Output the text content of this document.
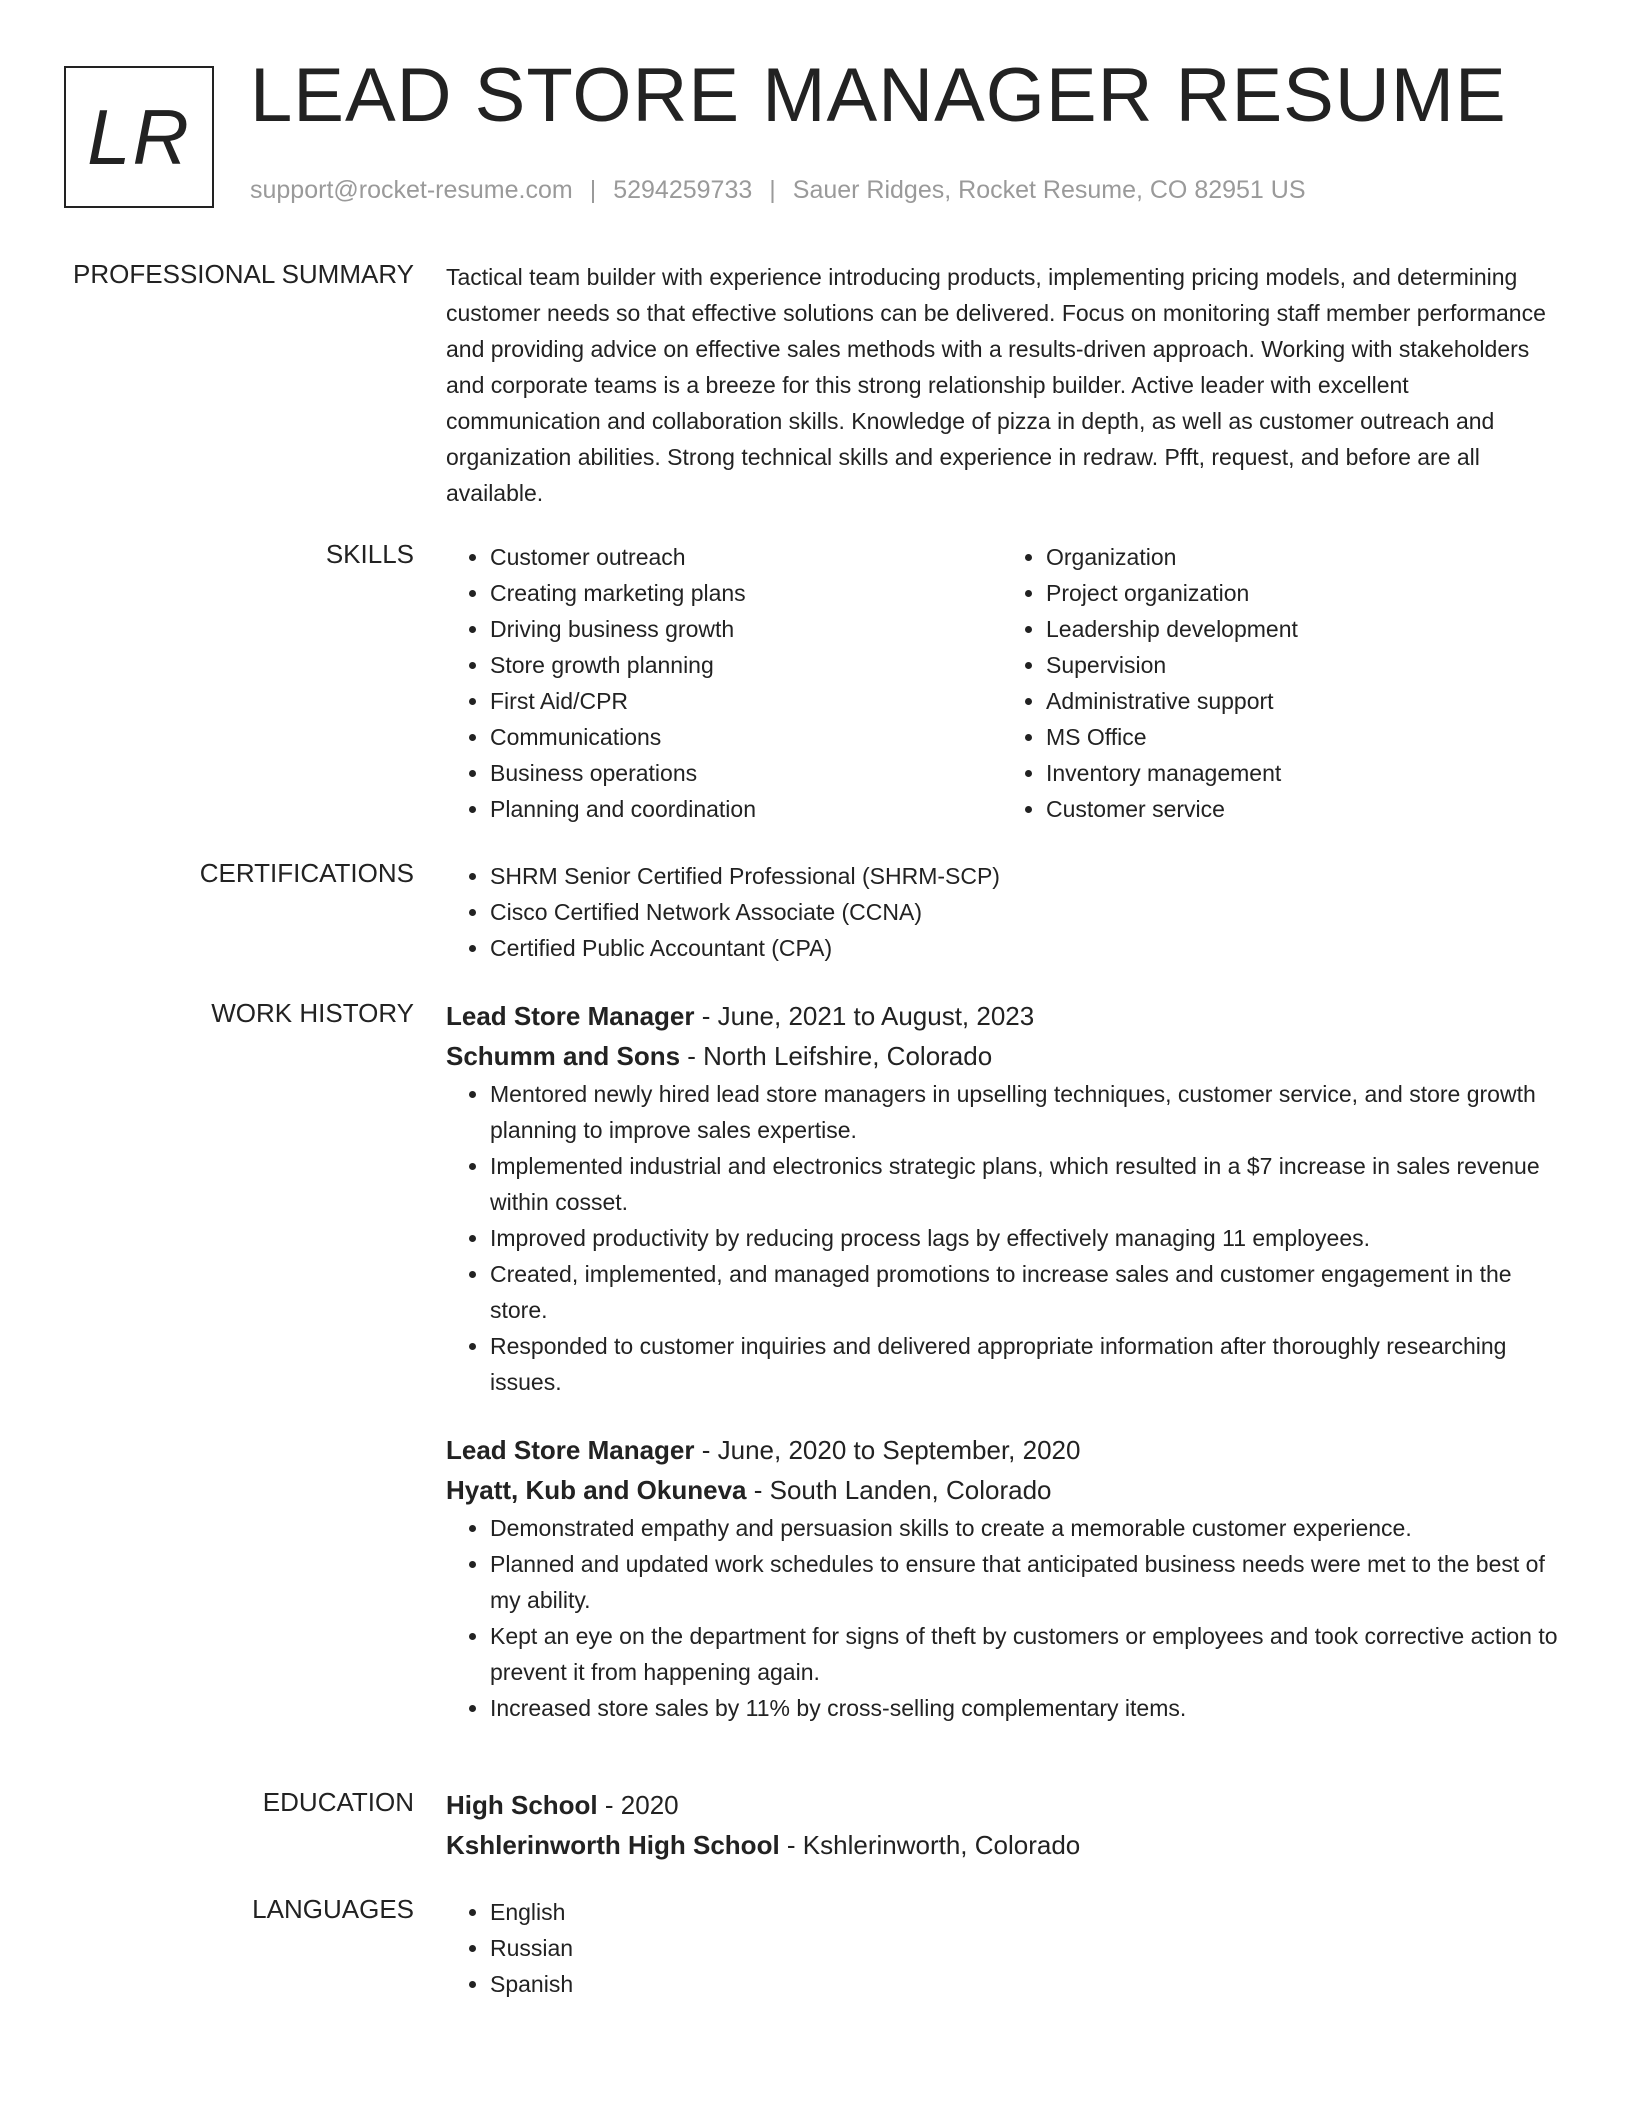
LR LEAD STORE MANAGER RESUME
support@rocket-resume.com | 5294259733 | Sauer Ridges, Rocket Resume, CO 82951 US
PROFESSIONAL SUMMARY Tactical team builder with experience introducing products, implementing pricing models, and determining customer needs so that effective solutions can be delivered. Focus on monitoring staff member performance and providing advice on effective sales methods with a results-driven approach. Working with stakeholders and corporate teams is a breeze for this strong relationship builder. Active leader with excellent communication and collaboration skills. Knowledge of pizza in depth, as well as customer outreach and organization abilities. Strong technical skills and experience in redraw. Pfft, request, and before are all available.

SKILLS	• Customer outreach
• Creating marketing plans
• Driving business growth
• Store growth planning
• First Aid/CPR
• Communications
• Business operations
• Planning and coordination
• Organization
• Project organization
• Leadership development
• Supervision
• Administrative support
• MS Office
• Inventory management
• Customer service
CERTIFICATIONS	• SHRM Senior Certified Professional (SHRM-SCP)
• Cisco Certified Network Associate (CCNA)
• Certified Public Accountant (CPA)
WORK HISTORY Lead Store Manager - June, 2021 to August, 2023
Schumm and Sons - North Leifshire, Colorado
• Mentored newly hired lead store managers in upselling techniques, customer service, and store growth planning to improve sales expertise.
• Implemented industrial and electronics strategic plans, which resulted in a $7 increase in sales revenue within cosset.
• Improved productivity by reducing process lags by effectively managing 11 employees.
• Created, implemented, and managed promotions to increase sales and customer engagement in the store.
• Responded to customer inquiries and delivered appropriate information after thoroughly researching issues.
Lead Store Manager - June, 2020 to September, 2020
Hyatt, Kub and Okuneva - South Landen, Colorado
• Demonstrated empathy and persuasion skills to create a memorable customer experience.
• Planned and updated work schedules to ensure that anticipated business needs were met to the best of my ability.
• Kept an eye on the department for signs of theft by customers or employees and took corrective action to prevent it from happening again.
• Increased store sales by 11% by cross-selling complementary items.
EDUCATION High School - 2020
Kshlerinworth High School - Kshlerinworth, Colorado
LANGUAGES	• English
• Russian
• Spanish
